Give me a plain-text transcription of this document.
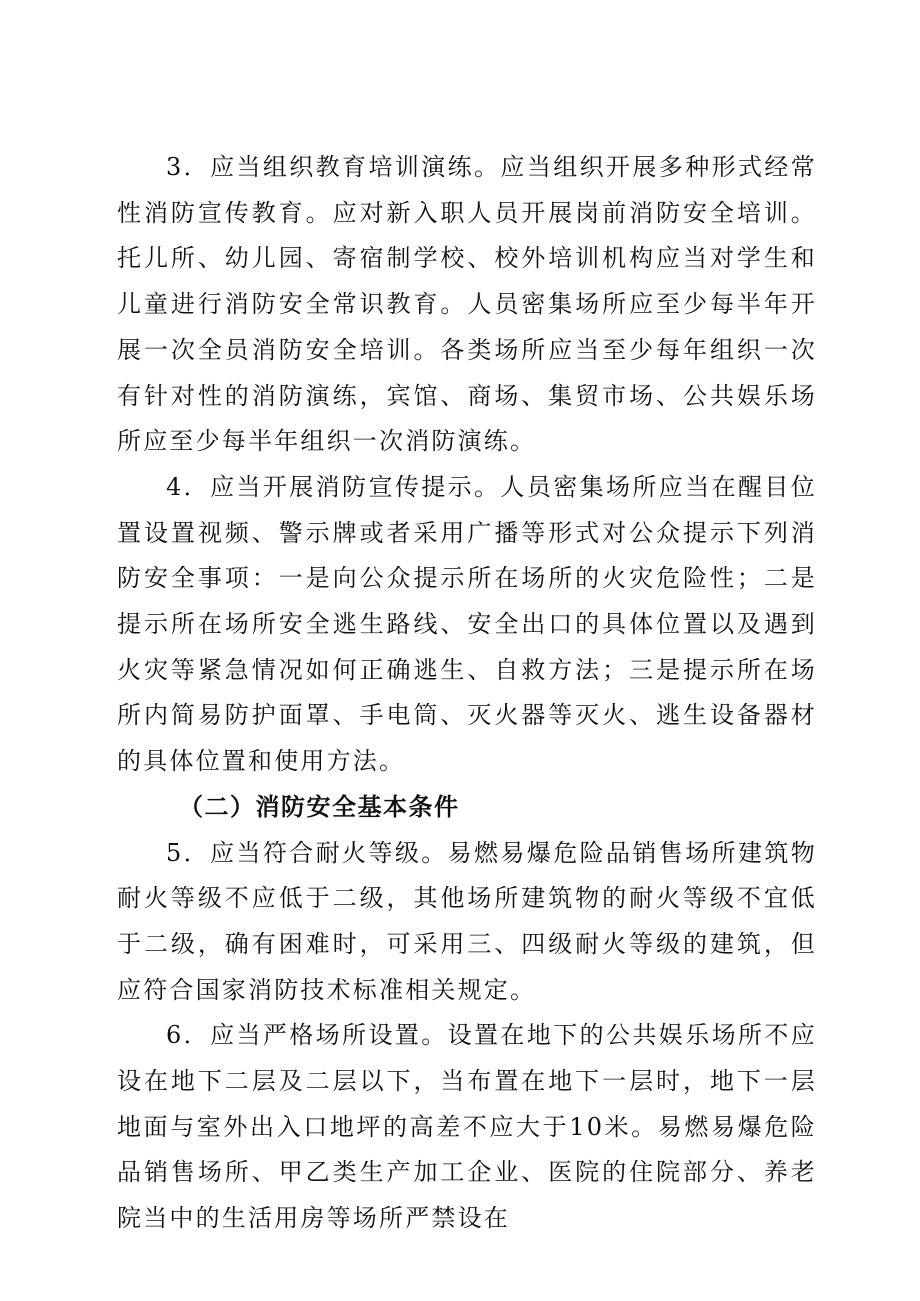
3．应当组织教育培训演练。应当组织开展多种形式经常性消防宣传教育。应对新入职人员开展岗前消防安全培训。托儿所、幼儿园、寄宿制学校、校外培训机构应当对学生和儿童进行消防安全常识教育。人员密集场所应至少每半年开展一次全员消防安全培训。各类场所应当至少每年组织一次有针对性的消防演练，宾馆、商场、集贸市场、公共娱乐场所应至少每半年组织一次消防演练。

4．应当开展消防宣传提示。人员密集场所应当在醒目位置设置视频、警示牌或者采用广播等形式对公众提示下列消防安全事项：一是向公众提示所在场所的火灾危险性；二是提示所在场所安全逃生路线、安全出口的具体位置以及遇到火灾等紧急情况如何正确逃生、自救方法；三是提示所在场所内简易防护面罩、手电筒、灭火器等灭火、逃生设备器材的具体位置和使用方法。

（二）消防安全基本条件

5．应当符合耐火等级。易燃易爆危险品销售场所建筑物耐火等级不应低于二级，其他场所建筑物的耐火等级不宜低于二级，确有困难时，可采用三、四级耐火等级的建筑，但应符合国家消防技术标准相关规定。

6．应当严格场所设置。设置在地下的公共娱乐场所不应设在地下二层及二层以下，当布置在地下一层时，地下一层地面与室外出入口地坪的高差不应大于10米。易燃易爆危险品销售场所、甲乙类生产加工企业、医院的住院部分、养老院当中的生活用房等场所严禁设在
